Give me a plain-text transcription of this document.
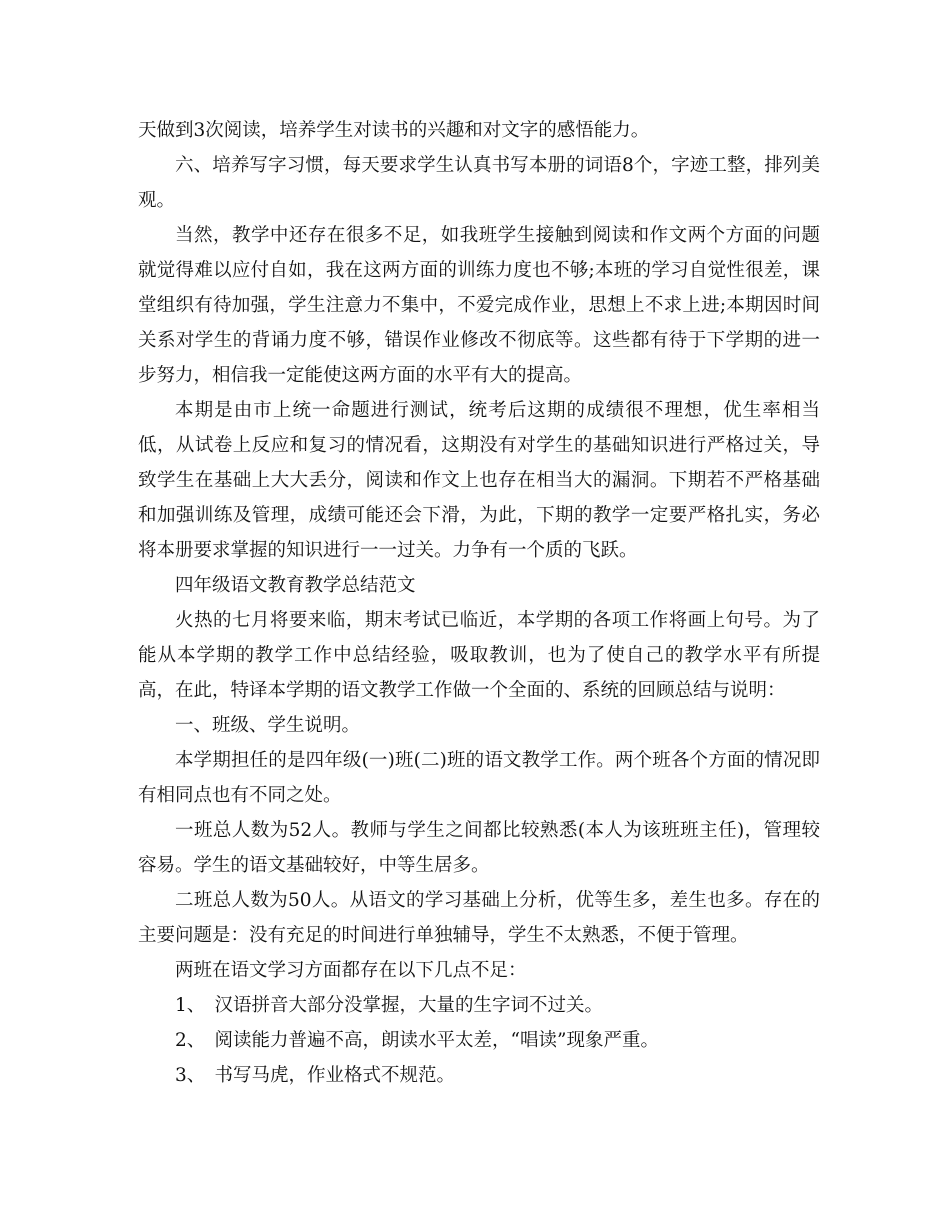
天做到3次阅读，培养学生对读书的兴趣和对文字的感悟能力。

六、培养写字习惯，每天要求学生认真书写本册的词语8个，字迹工整，排列美观。

当然，教学中还存在很多不足，如我班学生接触到阅读和作文两个方面的问题就觉得难以应付自如，我在这两方面的训练力度也不够;本班的学习自觉性很差，课堂组织有待加强，学生注意力不集中，不爱完成作业，思想上不求上进;本期因时间关系对学生的背诵力度不够，错误作业修改不彻底等。这些都有待于下学期的进一步努力，相信我一定能使这两方面的水平有大的提高。

本期是由市上统一命题进行测试，统考后这期的成绩很不理想，优生率相当低，从试卷上反应和复习的情况看，这期没有对学生的基础知识进行严格过关，导致学生在基础上大大丢分，阅读和作文上也存在相当大的漏洞。下期若不严格基础和加强训练及管理，成绩可能还会下滑，为此，下期的教学一定要严格扎实，务必将本册要求掌握的知识进行一一过关。力争有一个质的飞跃。

四年级语文教育教学总结范文

火热的七月将要来临，期末考试已临近，本学期的各项工作将画上句号。为了能从本学期的教学工作中总结经验，吸取教训，也为了使自己的教学水平有所提高，在此，特译本学期的语文教学工作做一个全面的、系统的回顾总结与说明：

一、班级、学生说明。

本学期担任的是四年级(一)班(二)班的语文教学工作。两个班各个方面的情况即有相同点也有不同之处。

一班总人数为52人。教师与学生之间都比较熟悉(本人为该班班主任)，管理较容易。学生的语文基础较好，中等生居多。

二班总人数为50人。从语文的学习基础上分析，优等生多，差生也多。存在的主要问题是：没有充足的时间进行单独辅导，学生不太熟悉，不便于管理。

两班在语文学习方面都存在以下几点不足：

1、　汉语拼音大部分没掌握，大量的生字词不过关。

2、　阅读能力普遍不高，朗读水平太差，“唱读”现象严重。

3、　书写马虎，作业格式不规范。
